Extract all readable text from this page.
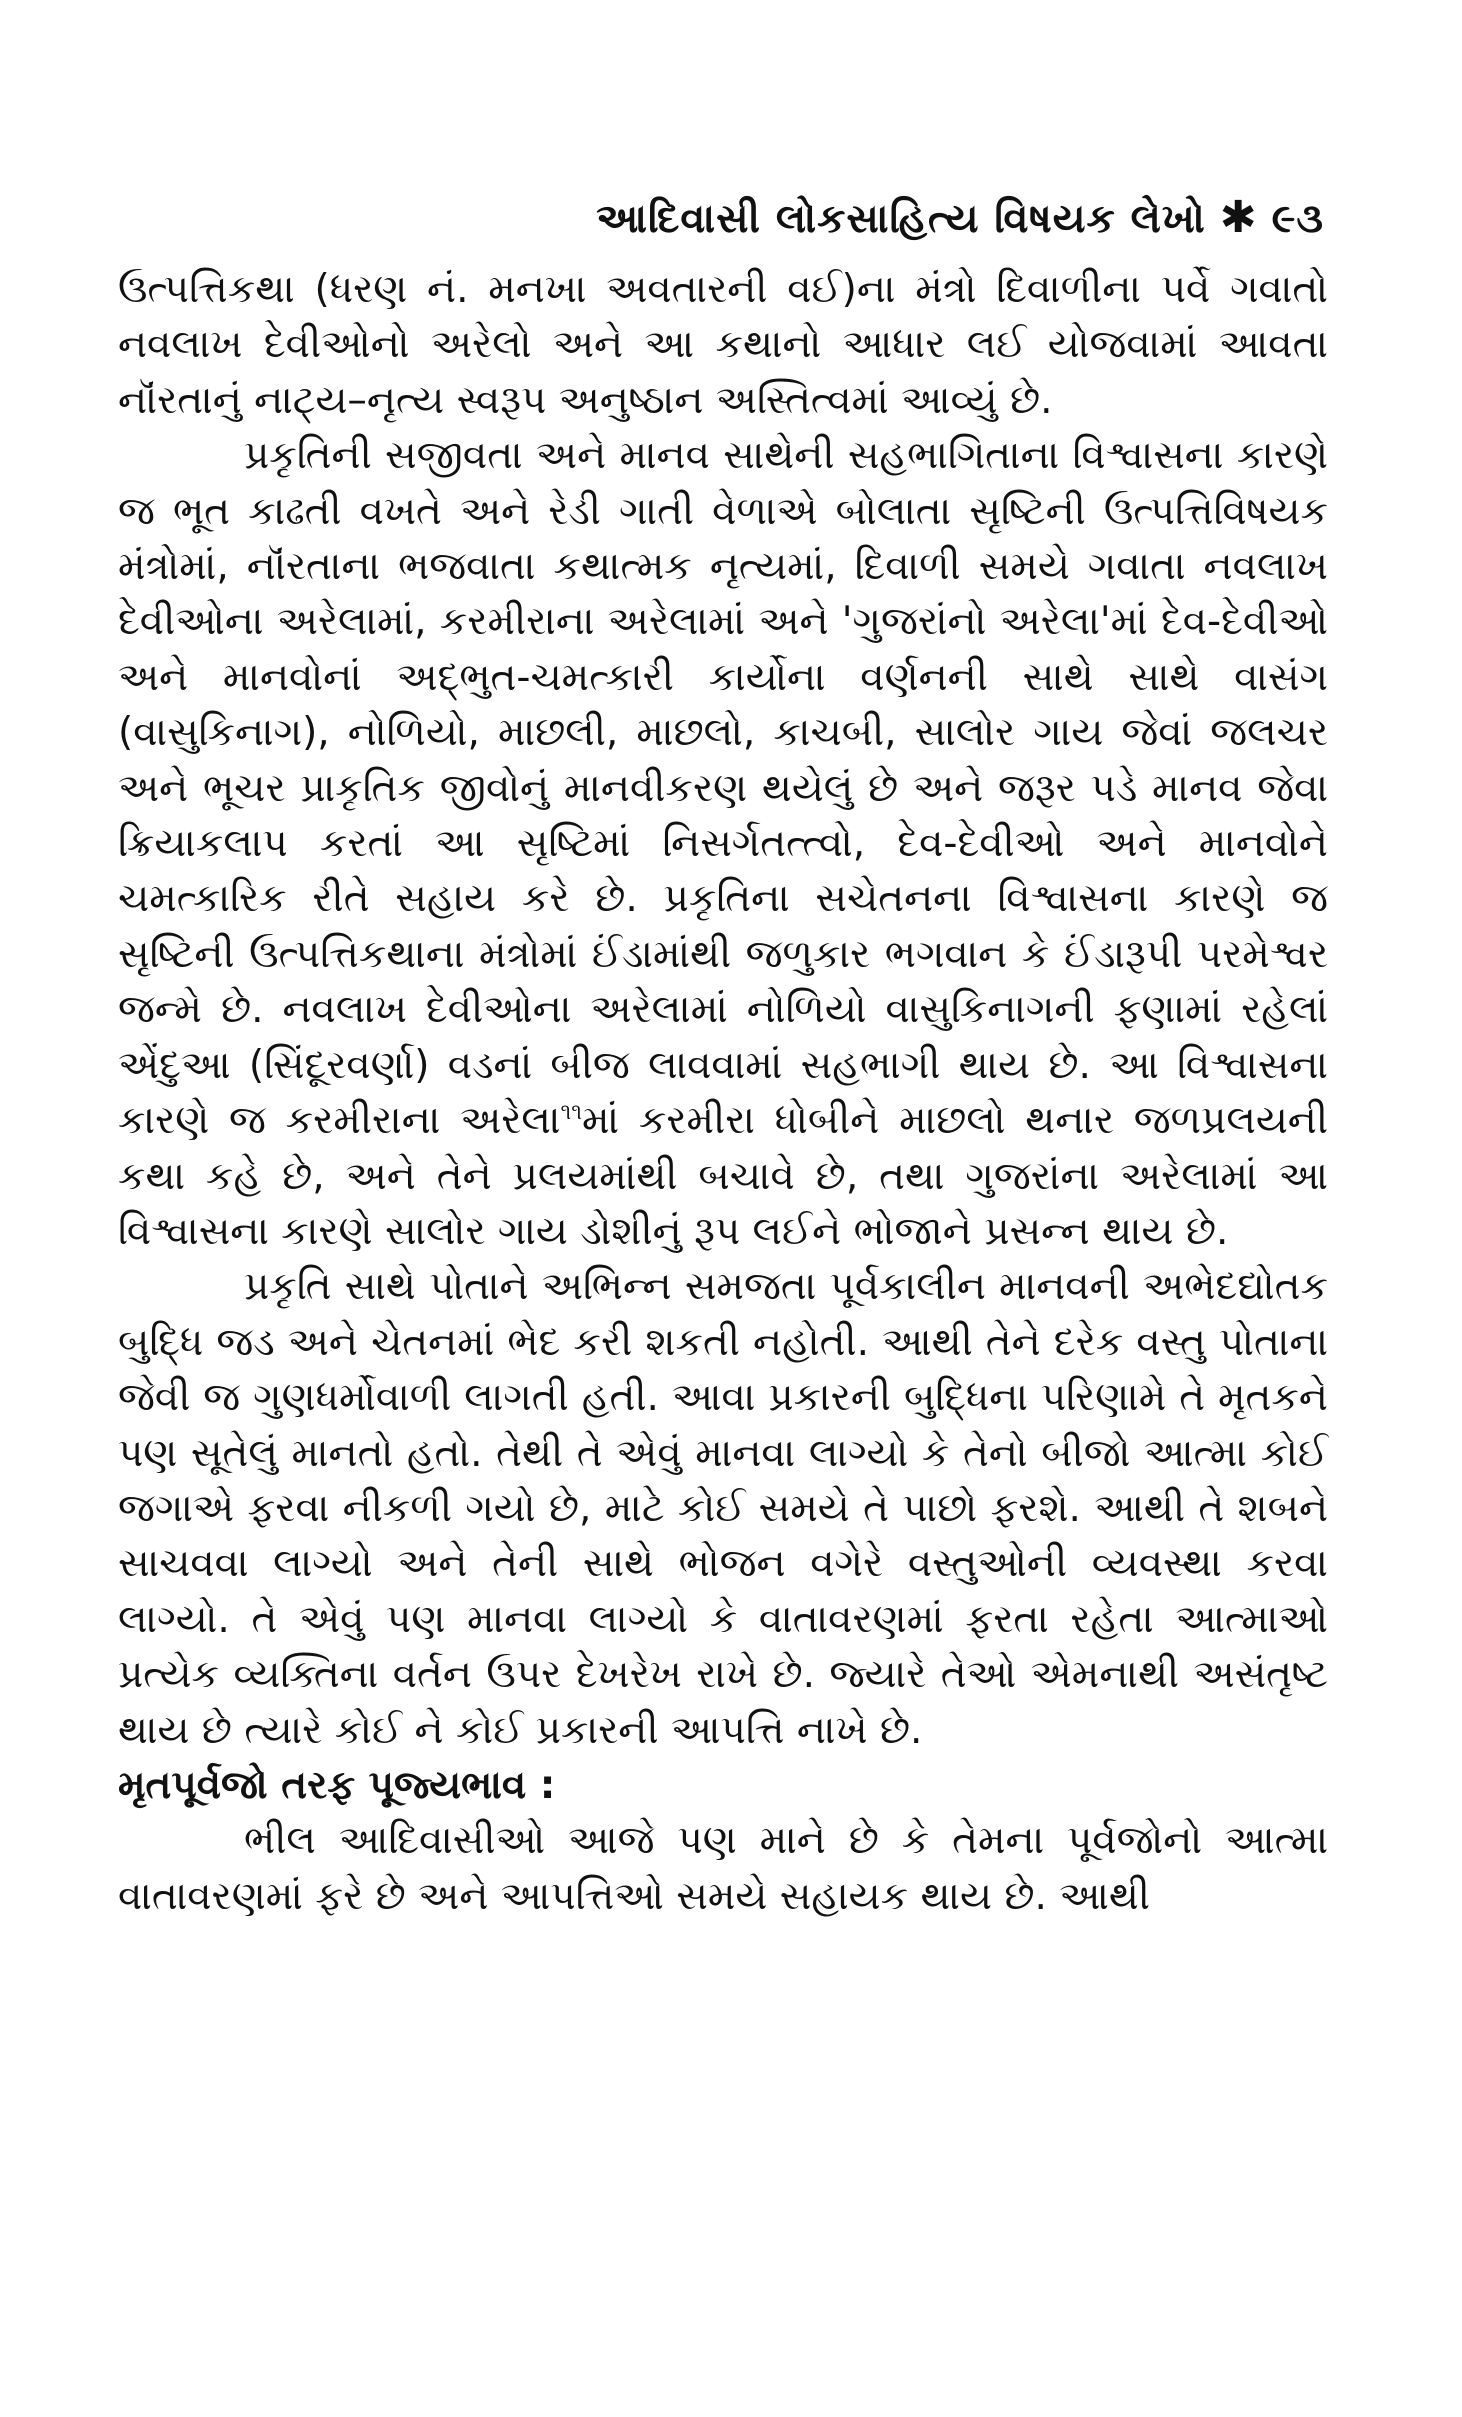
આદિવાસી લોકસાહિત્ય વિષયક લેખો ✱ ૯૩

ઉત્પત્તિકથા (ધરણ નં. મનખા અવતારની વઈ)ના મંત્રો દિવાળીના પર્વે ગવાતો નવલાખ દેવીઓનો અરેલો અને આ કથાનો આધાર લઈ યોજવામાં આવતા નૉંરતાનું નાટ્ય–નૃત્ય સ્વરૂપ અનુષ્ઠાન અસ્તિત્વમાં આવ્યું છે.

પ્રકૃતિની સજીવતા અને માનવ સાથેની સહભાગિતાના વિશ્વાસના કારણે જ ભૂત કાઢતી વખતે અને રેડી ગાતી વેળાએ બોલાતા સૃષ્ટિની ઉત્પત્તિવિષયક મંત્રોમાં, નૉંરતાના ભજવાતા કથાત્મક નૃત્યમાં, દિવાળી સમયે ગવાતા નવલાખ દેવીઓના અરેલામાં, કરમીરાના અરેલામાં અને 'ગુજરાંનો અરેલા'માં દેવ-દેવીઓ અને માનવોનાં અદ્ભુત-ચમત્કારી કાર્યોના વર્ણનની સાથે સાથે વાસંગ (વાસુકિનાગ), નોળિયો, માછલી, માછલો, કાચબી, સાલોર ગાય જેવાં જલચર અને ભૂચર પ્રાકૃતિક જીવોનું માનવીકરણ થયેલું છે અને જરૂર પડે માનવ જેવા ક્રિયાકલાપ કરતાં આ સૃષ્ટિમાં નિસર્ગતત્ત્વો, દેવ-દેવીઓ અને માનવોને ચમત્કારિક રીતે સહાય કરે છે. પ્રકૃતિના સચેતનના વિશ્વાસના કારણે જ સૃષ્ટિની ઉત્પત્તિકથાના મંત્રોમાં ઈંડામાંથી જળુકાર ભગવાન કે ઈંડારૂપી પરમેશ્વર જન્મે છે. નવલાખ દેવીઓના અરેલામાં નોળિયો વાસુકિનાગની ફણામાં રહેલાં એંદુઆ (સિંદૂરવર્ણા) વડનાં બીજ લાવવામાં સહભાગી થાય છે. આ વિશ્વાસના કારણે જ કરમીરાના અરેલા$^{૧૧}$માં કરમીરા ધોબીને માછલો થનાર જળપ્રલયની કથા કહે છે, અને તેને પ્રલયમાંથી બચાવે છે, તથા ગુજરાંના અરેલામાં આ વિશ્વાસના કારણે સાલોર ગાય ડોશીનું રૂપ લઈને ભોજાને પ્રસન્ન થાય છે.

પ્રકૃતિ સાથે પોતાને અભિન્ન સમજતા પૂર્વકાલીન માનવની અભેદદ્યોતક બુદ્ધિ જડ અને ચેતનમાં ભેદ કરી શકતી નહોતી. આથી તેને દરેક વસ્તુ પોતાના જેવી જ ગુણધર્મોવાળી લાગતી હતી. આવા પ્રકારની બુદ્ધિના પરિણામે તે મૃતકને પણ સૂતેલું માનતો હતો. તેથી તે એવું માનવા લાગ્યો કે તેનો બીજો આત્મા કોઈ જગાએ ફરવા નીકળી ગયો છે, માટે કોઈ સમયે તે પાછો ફરશે. આથી તે શબને સાચવવા લાગ્યો અને તેની સાથે ભોજન વગેરે વસ્તુઓની વ્યવસ્થા કરવા લાગ્યો. તે એવું પણ માનવા લાગ્યો કે વાતાવરણમાં ફરતા રહેતા આત્માઓ પ્રત્યેક વ્યક્તિના વર્તન ઉપર દેખરેખ રાખે છે. જ્યારે તેઓ એમનાથી અસંતૃષ્ટ થાય છે ત્યારે કોઈ ને કોઈ પ્રકારની આપત્તિ નાખે છે.

મૃતપૂર્વજો તરફ પૂજ્યભાવ :

ભીલ આદિવાસીઓ આજે પણ માને છે કે તેમના પૂર્વજોનો આત્મા વાતાવરણમાં ફરે છે અને આપત્તિઓ સમયે સહાયક થાય છે. આથી
